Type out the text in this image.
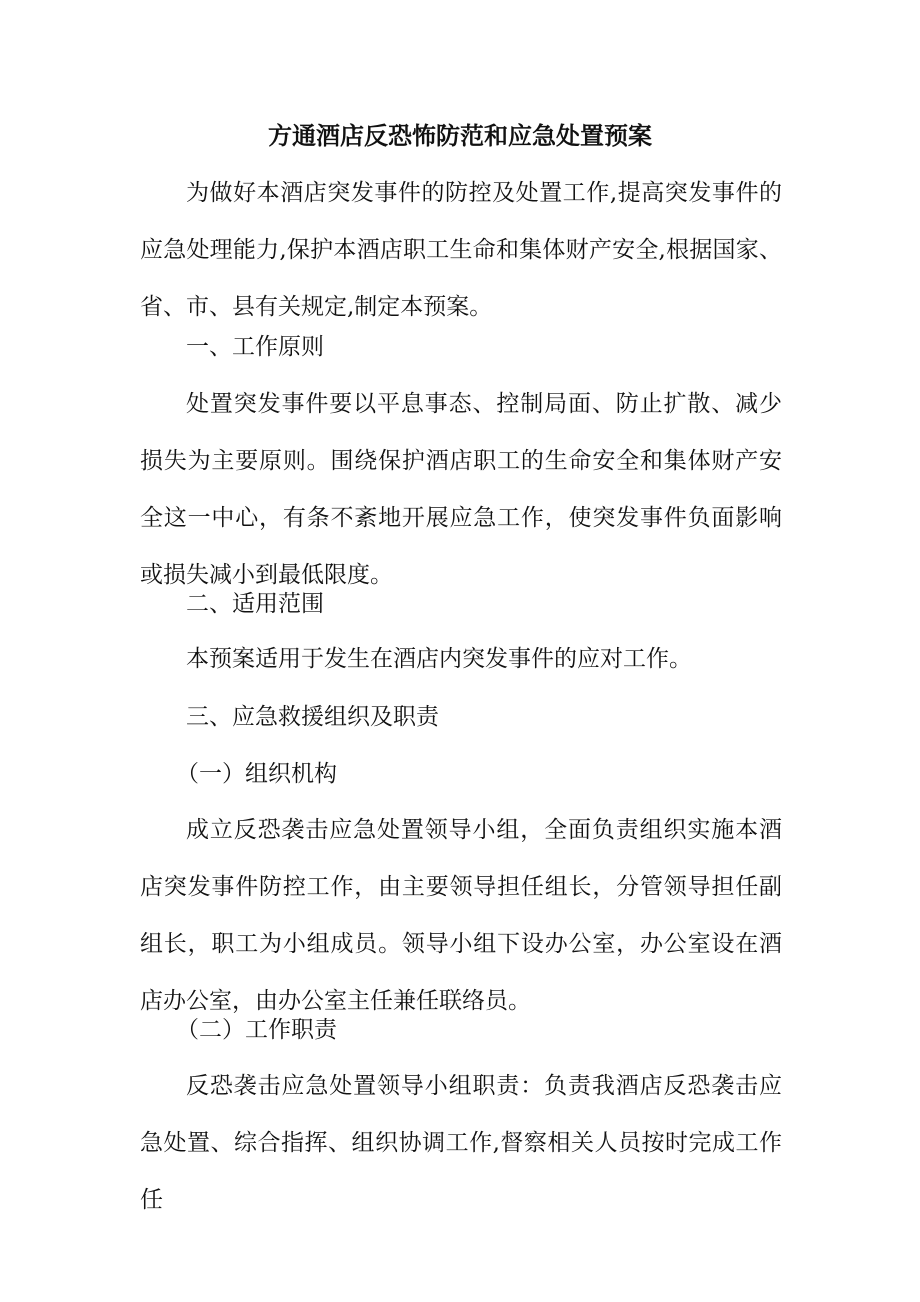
方通酒店反恐怖防范和应急处置预案

为做好本酒店突发事件的防控及处置工作,提高突发事件的应急处理能力,保护本酒店职工生命和集体财产安全,根据国家、省、市、县有关规定,制定本预案。

一、工作原则

处置突发事件要以平息事态、控制局面、防止扩散、减少损失为主要原则。围绕保护酒店职工的生命安全和集体财产安全这一中心，有条不紊地开展应急工作，使突发事件负面影响或损失减小到最低限度。

二、适用范围

本预案适用于发生在酒店内突发事件的应对工作。

三、应急救援组织及职责

（一）组织机构

成立反恐袭击应急处置领导小组，全面负责组织实施本酒店突发事件防控工作，由主要领导担任组长，分管领导担任副组长，职工为小组成员。领导小组下设办公室，办公室设在酒店办公室，由办公室主任兼任联络员。

（二）工作职责

反恐袭击应急处置领导小组职责：负责我酒店反恐袭击应急处置、综合指挥、组织协调工作,督察相关人员按时完成工作任
